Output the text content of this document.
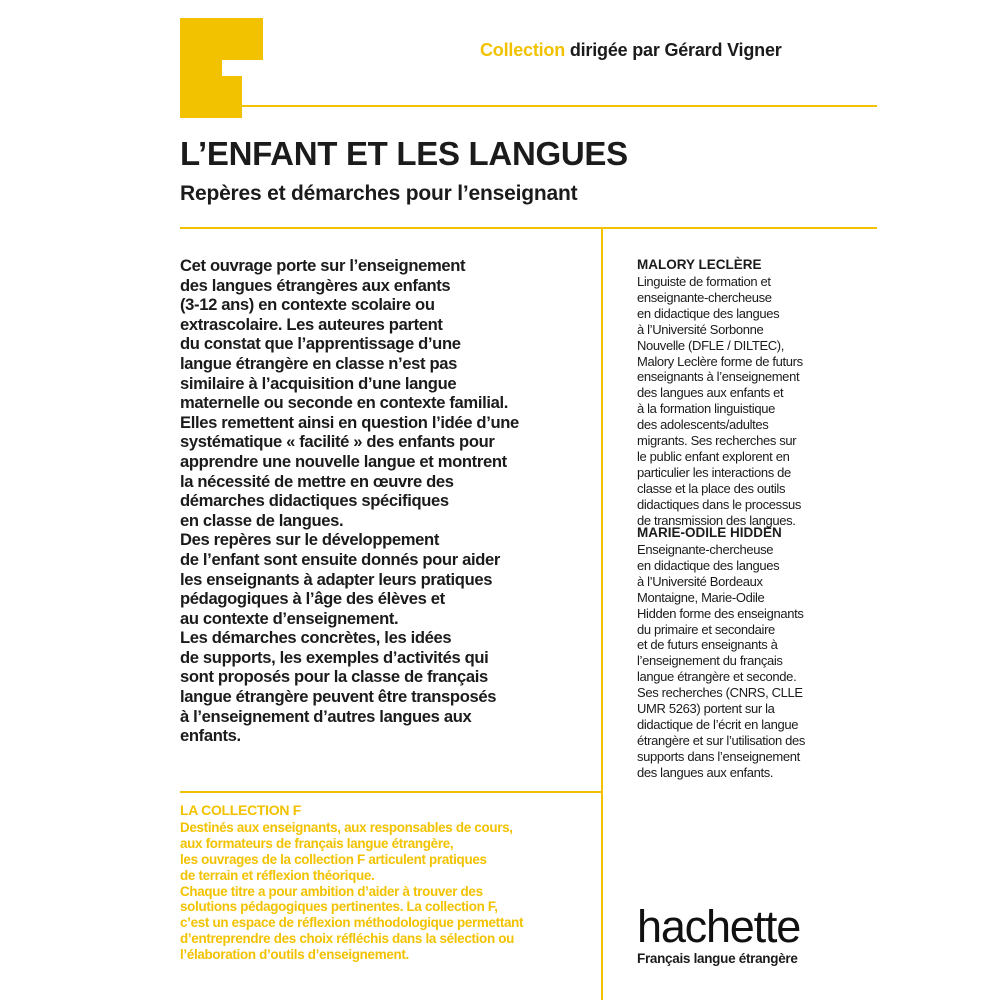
Collection dirigée par Gérard Vigner
L’ENFANT ET LES LANGUES
Repères et démarches pour l’enseignant
Cet ouvrage porte sur l’enseignement
des langues étrangères aux enfants
(3-12 ans) en contexte scolaire ou
extrascolaire. Les auteures partent
du constat que l’apprentissage d’une
langue étrangère en classe n’est pas
similaire à l’acquisition d’une langue
maternelle ou seconde en contexte familial.
Elles remettent ainsi en question l’idée d’une
systématique « facilité » des enfants pour
apprendre une nouvelle langue et montrent
la nécessité de mettre en œuvre des
démarches didactiques spécifiques
en classe de langues.
Des repères sur le développement
de l’enfant sont ensuite donnés pour aider
les enseignants à adapter leurs pratiques
pédagogiques à l’âge des élèves et
au contexte d’enseignement.
Les démarches concrètes, les idées
de supports, les exemples d’activités qui
sont proposés pour la classe de français
langue étrangère peuvent être transposés
à l’enseignement d’autres langues aux
enfants.
MALORY LECLÈRE
Linguiste de formation et
enseignante-chercheuse
en didactique des langues
à l’Université Sorbonne
Nouvelle (DFLE / DILTEC),
Malory Leclère forme de futurs
enseignants à l’enseignement
des langues aux enfants et
à la formation linguistique
des adolescents/adultes
migrants. Ses recherches sur
le public enfant explorent en
particulier les interactions de
classe et la place des outils
didactiques dans le processus
de transmission des langues.
MARIE-ODILE HIDDEN
Enseignante-chercheuse
en didactique des langues
à l’Université Bordeaux
Montaigne, Marie-Odile
Hidden forme des enseignants
du primaire et secondaire
et de futurs enseignants à
l’enseignement du français
langue étrangère et seconde.
Ses recherches (CNRS, CLLE
UMR 5263) portent sur la
didactique de l’écrit en langue
étrangère et sur l’utilisation des
supports dans l’enseignement
des langues aux enfants.
LA COLLECTION F
Destinés aux enseignants, aux responsables de cours,
aux formateurs de français langue étrangère,
les ouvrages de la collection F articulent pratiques
de terrain et réflexion théorique.
Chaque titre a pour ambition d’aider à trouver des
solutions pédagogiques pertinentes. La collection F,
c’est un espace de réflexion méthodologique permettant
d’entreprendre des choix réfléchis dans la sélection ou
l’élaboration d’outils d’enseignement.
hachette
Français langue étrangère
